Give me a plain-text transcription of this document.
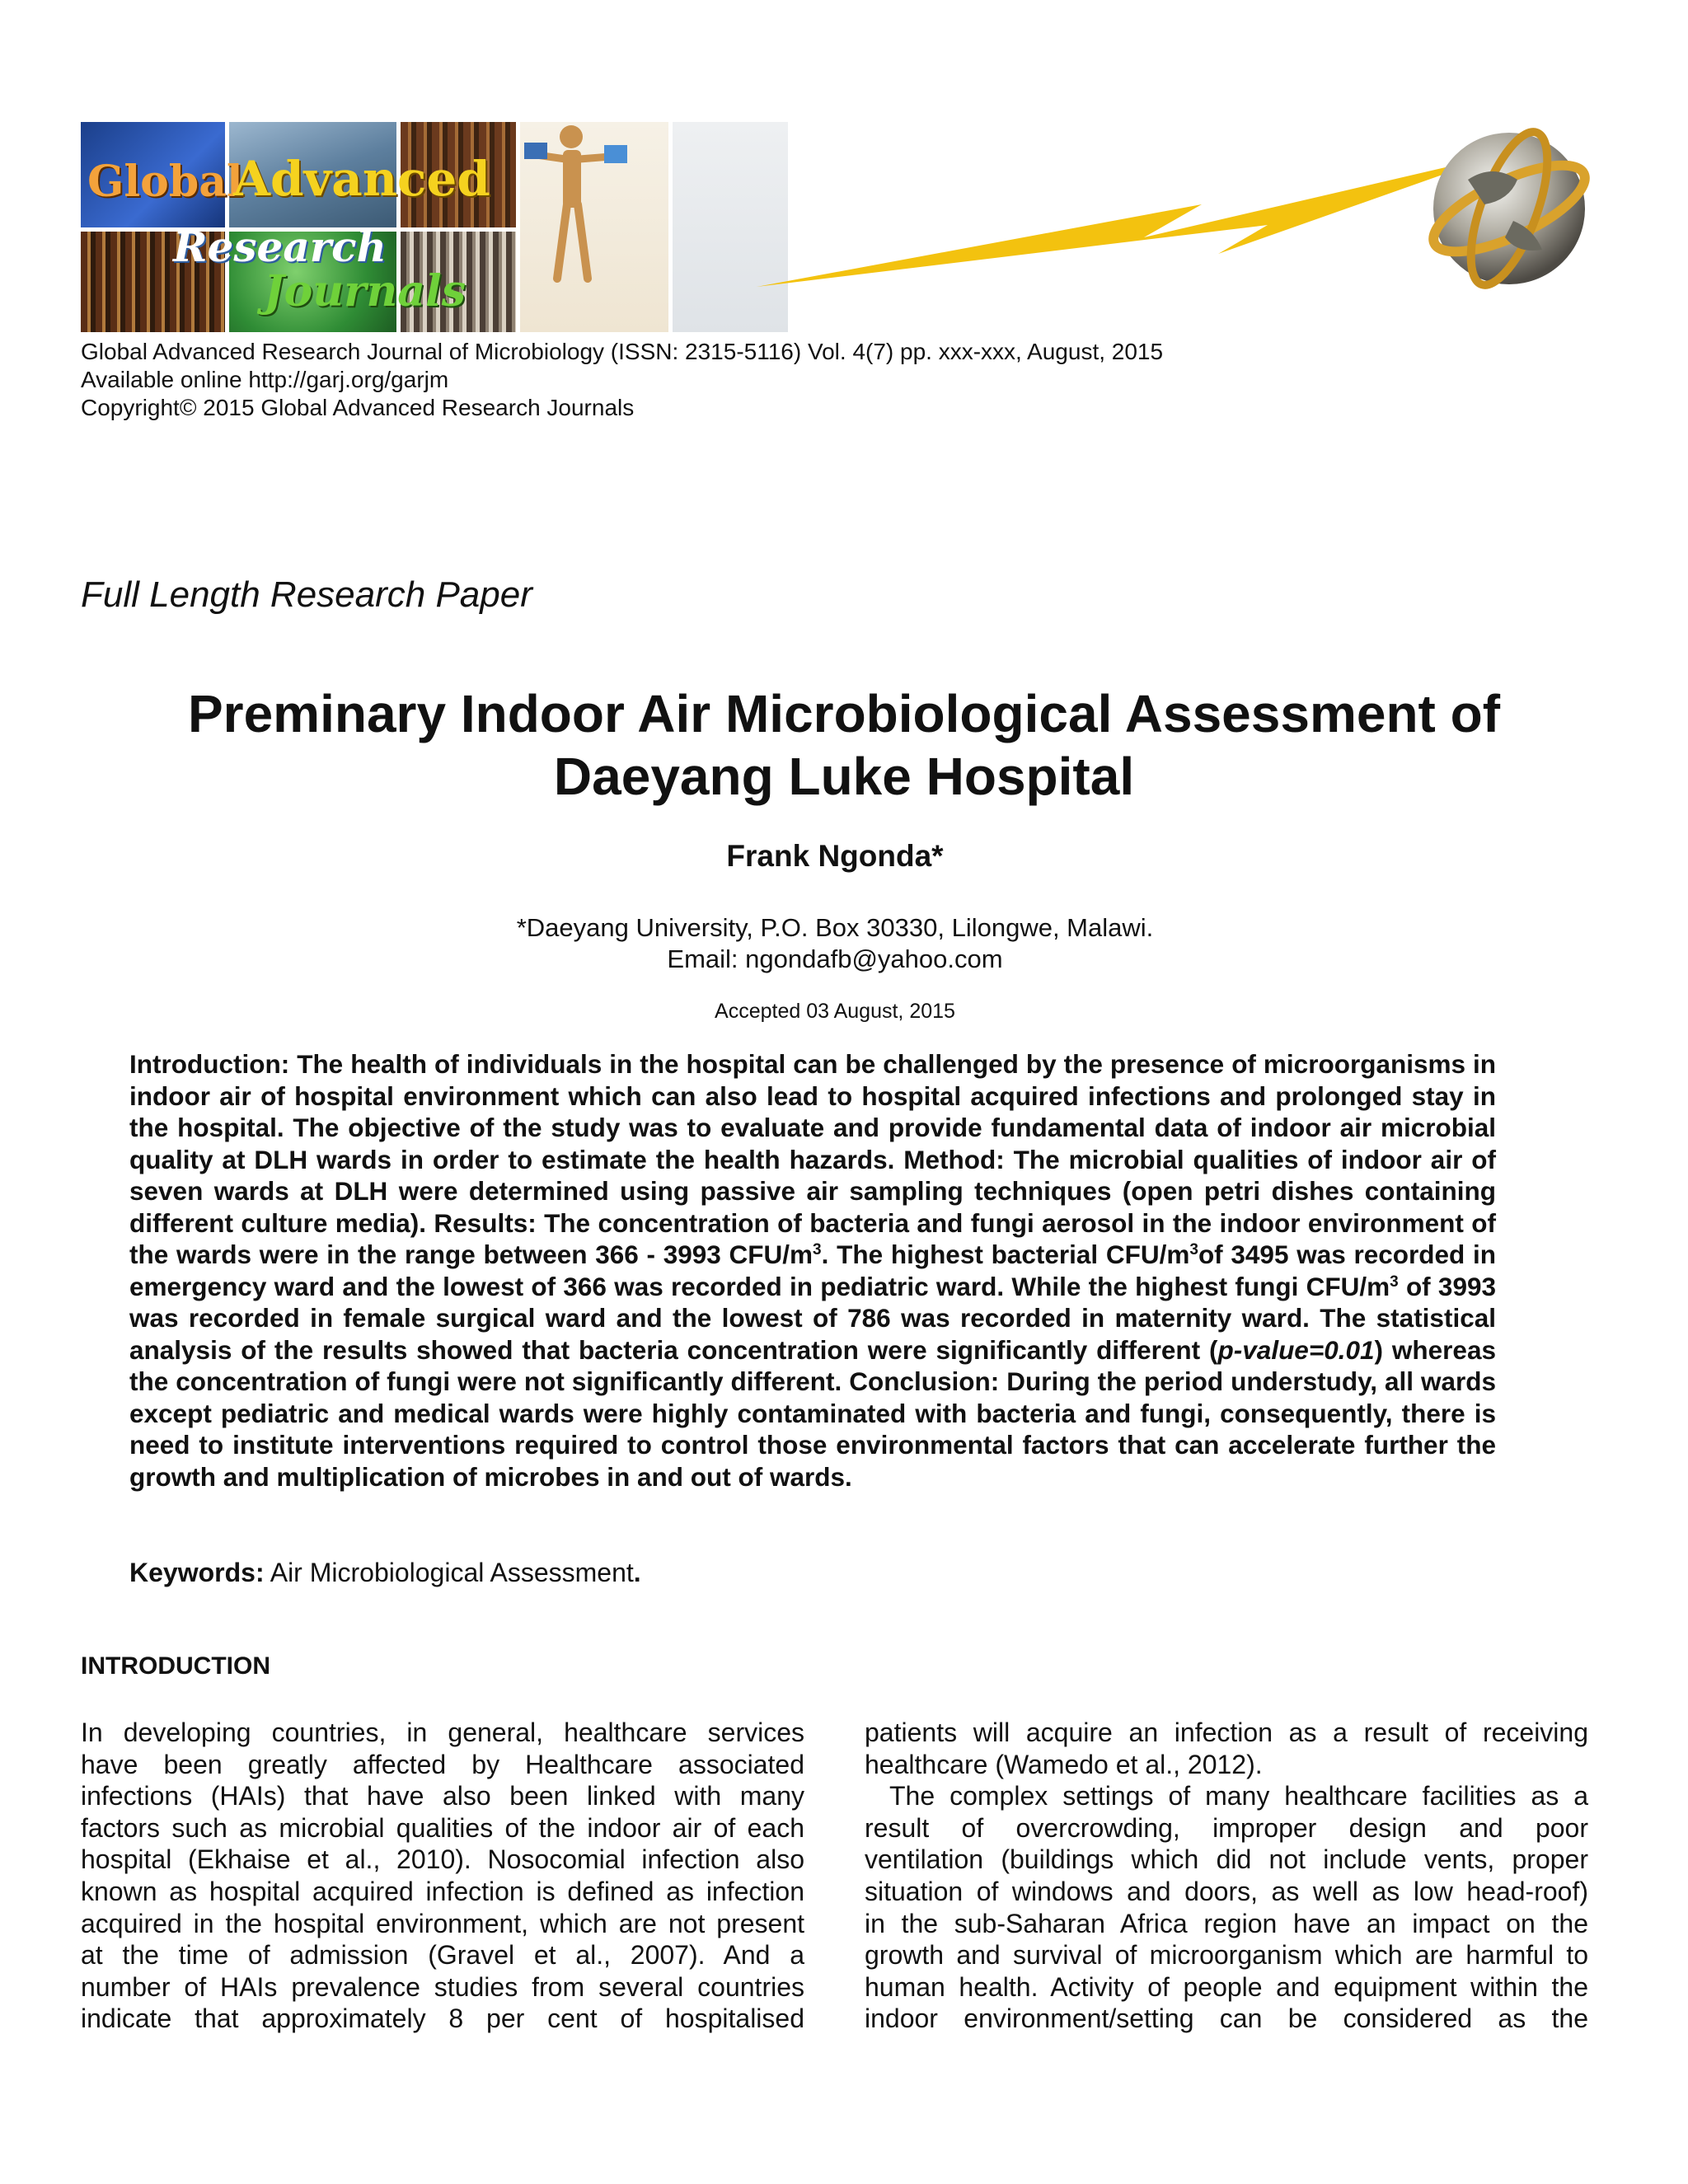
Global
Advanced
Research
Journals
Global Advanced Research Journal of Microbiology (ISSN: 2315-5116) Vol. 4(7) pp. xxx-xxx, August, 2015
Available online http://garj.org/garjm
Copyright© 2015 Global Advanced Research Journals
Full Length Research Paper
Preminary Indoor Air Microbiological Assessment of
Daeyang Luke Hospital
Frank Ngonda*
*Daeyang University, P.O. Box 30330, Lilongwe, Malawi.
Email: ngondafb@yahoo.com
Accepted 03 August, 2015

Introduction: The health of individuals in the hospital can be challenged by the presence of microorganisms in indoor air of hospital environment which can also lead to hospital acquired infections and prolonged stay in the hospital. The objective of the study was to evaluate and provide fundamental data of indoor air microbial quality at DLH wards in order to estimate the health hazards. Method: The microbial qualities of indoor air of seven wards at DLH were determined using passive air sampling techniques (open petri dishes containing different culture media). Results: The concentration of bacteria and fungi aerosol in the indoor environment of the wards were in the range between 366 - 3993 CFU/$m^3$. The highest bacterial CFU/$m^3of$ 3495 was recorded in emergency ward and the lowest of 366 was recorded in pediatric ward. While the highest fungi CFU/$m^3$ of 3993 was recorded in female surgical ward and the lowest of 786 was recorded in maternity ward. The statistical analysis of the results showed that bacteria concentration were significantly different (p-value=0.01) whereas the concentration of fungi were not significantly different. Conclusion: During the period understudy, all wards except pediatric and medical wards were highly contaminated with bacteria and fungi, consequently, there is need to institute interventions required to control those environmental factors that can accelerate further the growth and multiplication of microbes in and out of wards.

Keywords: Air Microbiological Assessment.
INTRODUCTION
In developing countries, in general, healthcare services
have been greatly affected by Healthcare associated
infections (HAIs) that have also been linked with many
factors such as microbial qualities of the indoor air of each
hospital (Ekhaise et al., 2010). Nosocomial infection also
known as hospital acquired infection is defined as infection
acquired in the hospital environment, which are not present
at the time of admission (Gravel et al., 2007). And a
number of HAIs prevalence studies from several countries
indicate that approximately 8 per cent of hospitalised
patients will acquire an infection as a result of receiving
healthcare (Wamedo et al., 2012).
The complex settings of many healthcare facilities as a
result of overcrowding, improper design and poor
ventilation (buildings which did not include vents, proper
situation of windows and doors, as well as low head-roof)
in the sub-Saharan Africa region have an impact on the
growth and survival of microorganism which are harmful to
human health. Activity of people and equipment within the
indoor environment/setting can be considered as the
